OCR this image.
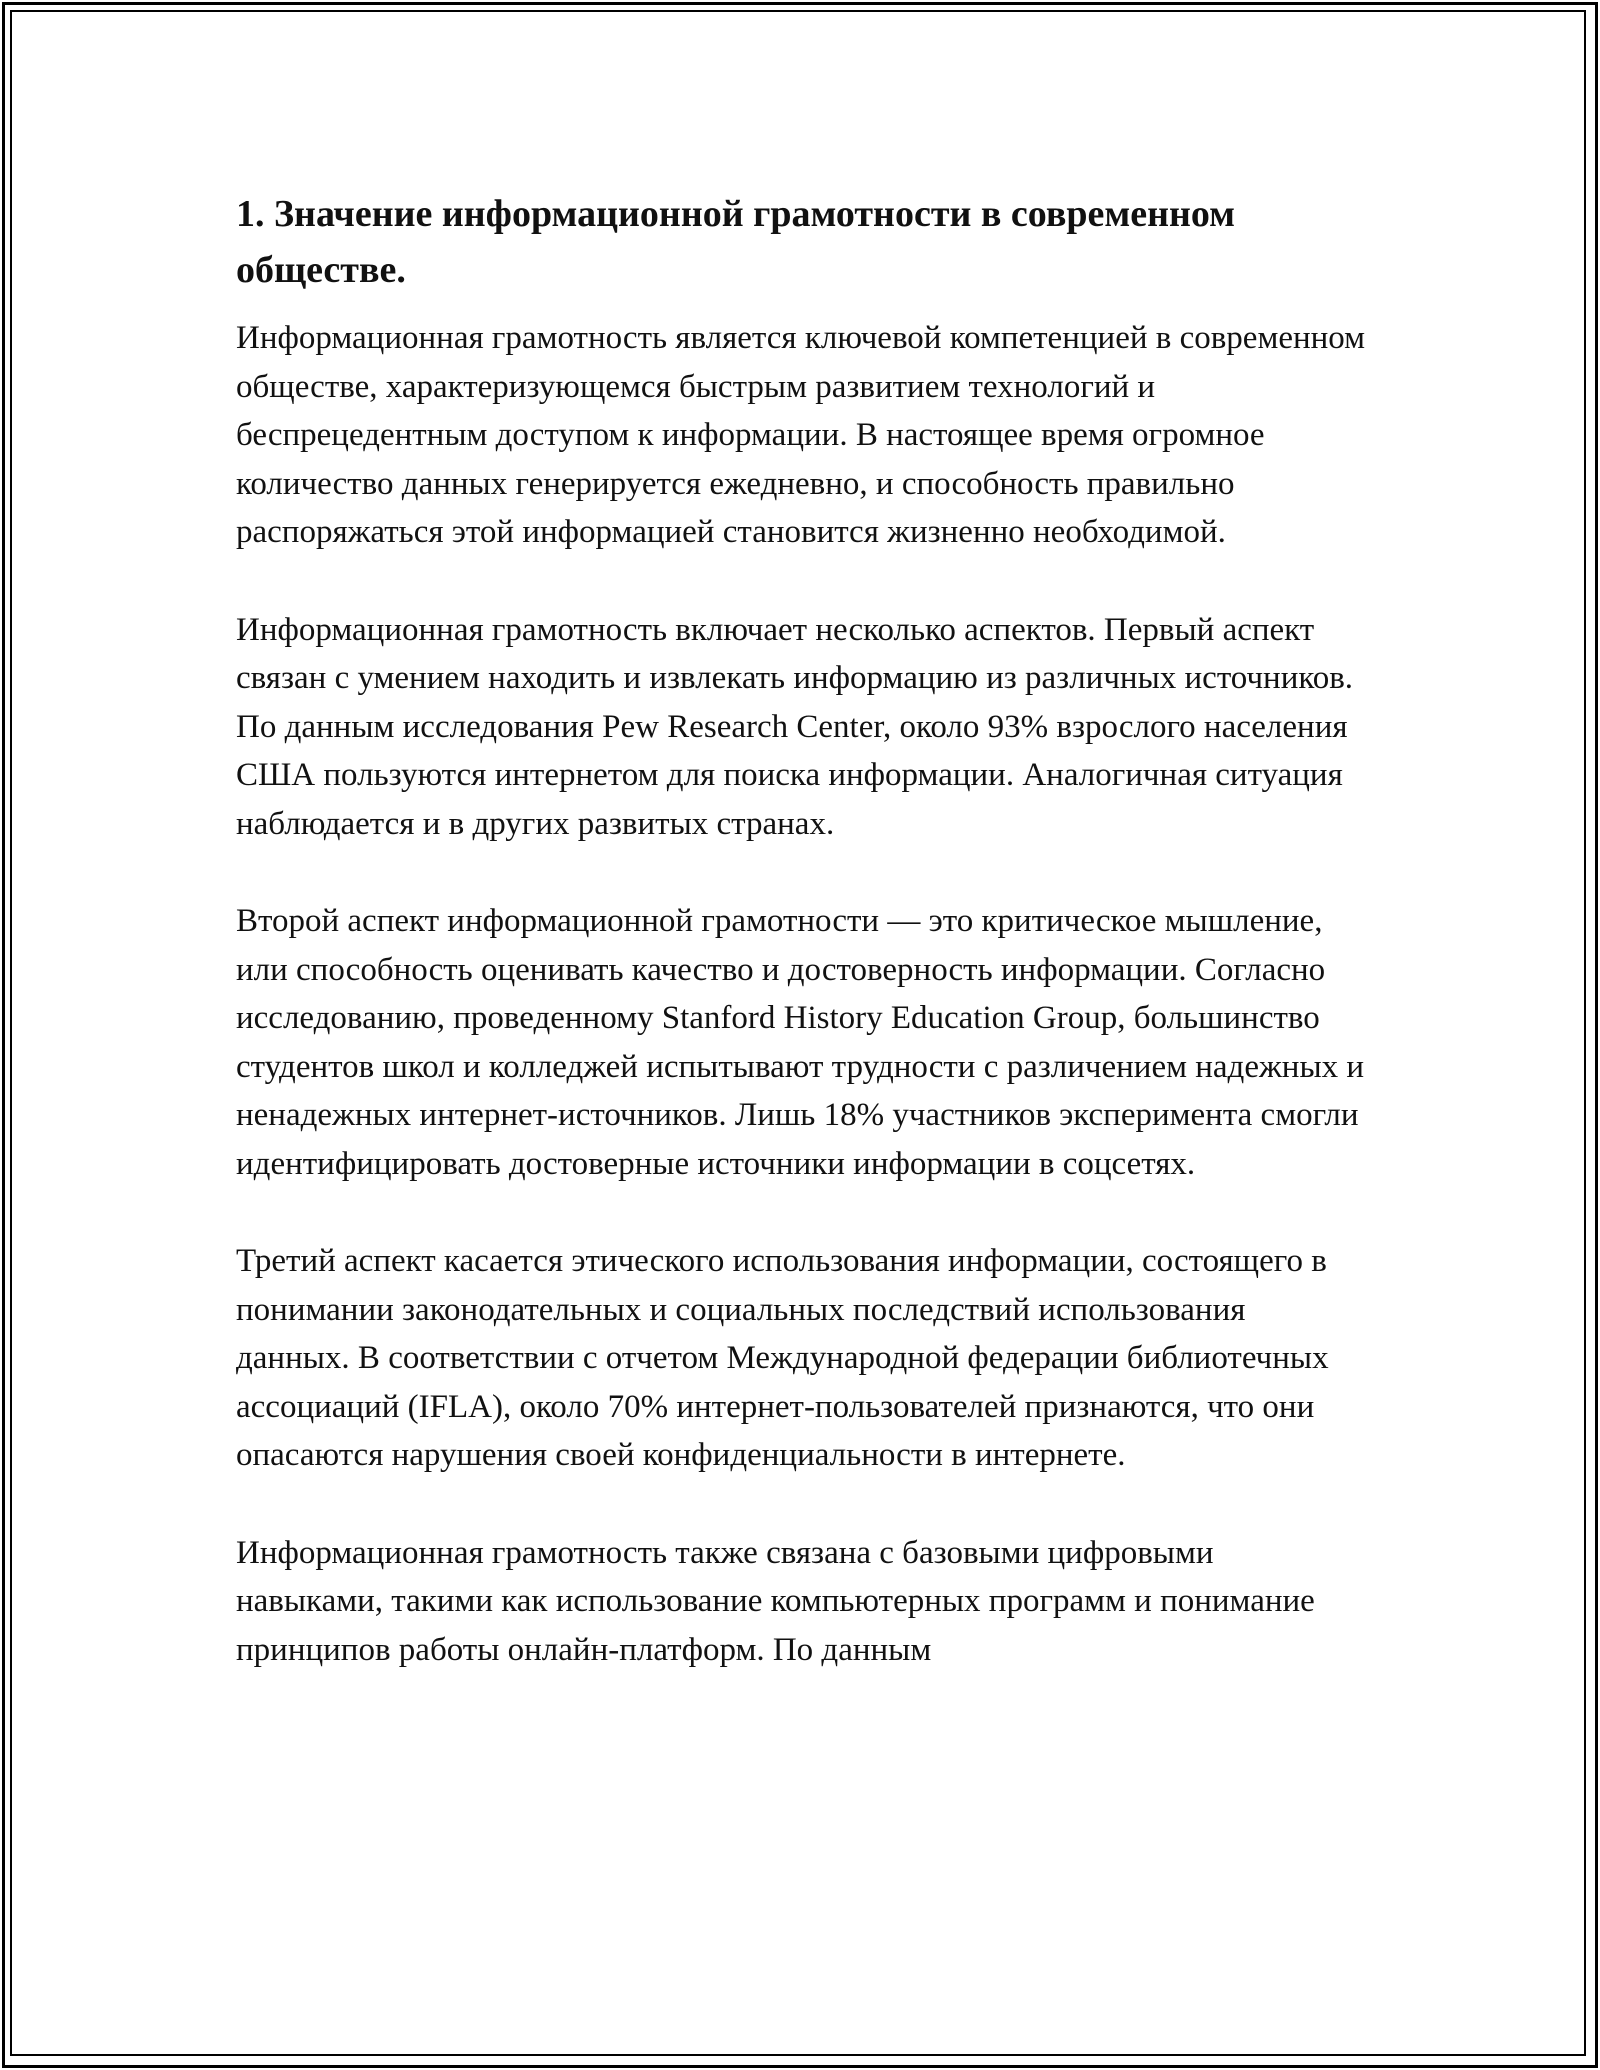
1. Значение информационной грамотности в современном обществе.
Информационная грамотность является ключевой компетенцией в современном обществе, характеризующемся быстрым развитием технологий и беспрецедентным доступом к информации. В настоящее время огромное количество данных генерируется ежедневно, и способность правильно распоряжаться этой информацией становится жизненно необходимой.
Информационная грамотность включает несколько аспектов. Первый аспект связан с умением находить и извлекать информацию из различных источников. По данным исследования Pew Research Center, около 93% взрослого населения США пользуются интернетом для поиска информации. Аналогичная ситуация наблюдается и в других развитых странах.
Второй аспект информационной грамотности — это критическое мышление, или способность оценивать качество и достоверность информации. Согласно исследованию, проведенному Stanford History Education Group, большинство студентов школ и колледжей испытывают трудности с различением надежных и ненадежных интернет-источников. Лишь 18% участников эксперимента смогли идентифицировать достоверные источники информации в соцсетях.
Третий аспект касается этического использования информации, состоящего в понимании законодательных и социальных последствий использования данных. В соответствии с отчетом Международной федерации библиотечных ассоциаций (IFLA), около 70% интернет-пользователей признаются, что они опасаются нарушения своей конфиденциальности в интернете.
Информационная грамотность также связана с базовыми цифровыми навыками, такими как использование компьютерных программ и понимание принципов работы онлайн-платформ. По данным
